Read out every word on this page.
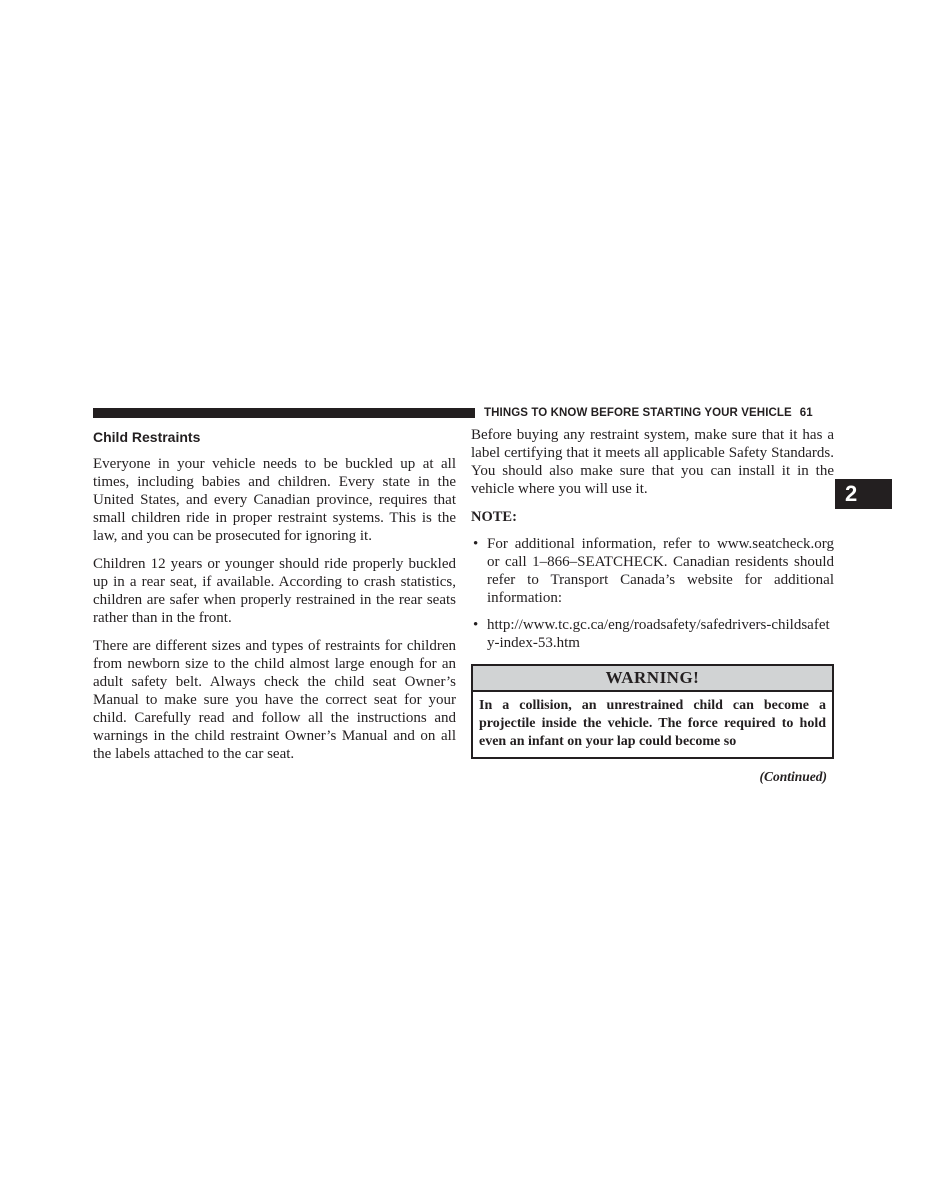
THINGS TO KNOW BEFORE STARTING YOUR VEHICLE 61
2
Child Restraints

Everyone in your vehicle needs to be buckled up at all times, including babies and children. Every state in the United States, and every Canadian province, requires that small children ride in proper restraint systems. This is the law, and you can be prosecuted for ignoring it.

Children 12 years or younger should ride properly buckled up in a rear seat, if available. According to crash statistics, children are safer when properly restrained in the rear seats rather than in the front.

There are different sizes and types of restraints for children from newborn size to the child almost large enough for an adult safety belt. Always check the child seat Owner’s Manual to make sure you have the correct seat for your child. Carefully read and follow all the instructions and warnings in the child restraint Owner’s Manual and on all the labels attached to the car seat.

Before buying any restraint system, make sure that it has a label certifying that it meets all applicable Safety Standards. You should also make sure that you can install it in the vehicle where you will use it.

NOTE:
• For additional information, refer to www.seatcheck.org or call 1–866–SEATCHECK. Canadian residents should refer to Transport Canada’s website for additional information:
• http://www.tc.gc.ca/eng/roadsafety/safedrivers-childsafety-index-53.htm
WARNING!
In a collision, an unrestrained child can become a projectile inside the vehicle. The force required to hold even an infant on your lap could become so
(Continued)
